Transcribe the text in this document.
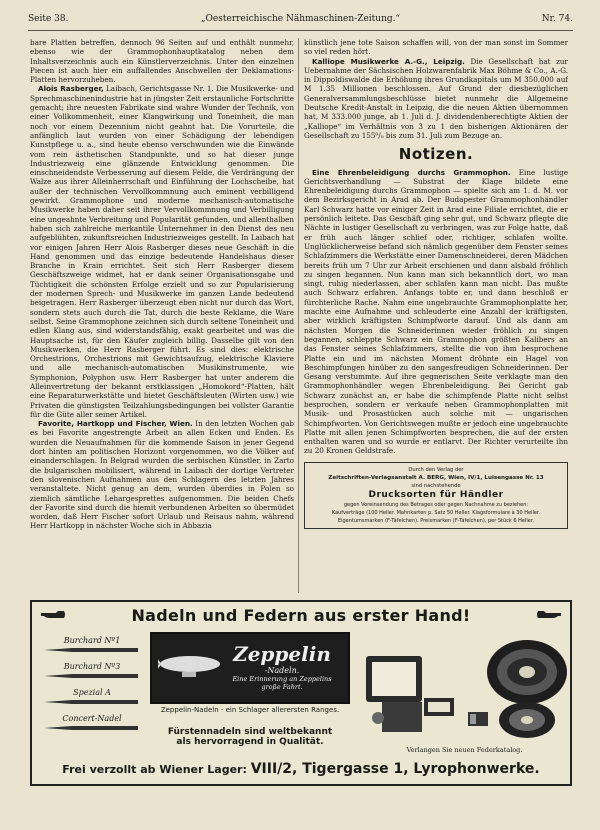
Seite 38.	„Oesterreichische Nähmaschinen-Zeitung.“	Nr. 74.

bare Platten betreffen, dennoch 96 Seiten auf und enthält nunmehr, ebenso wie der Grammophonhauptkatalog neben dem Inhaltsverzeichnis auch ein Künstlerverzeichnis. Unter den einzelnen Piecen ist auch hier ein auffallendes Anschwellen der Deklamations-Platten hervorzuheben.

Alois Rasberger, Laibach, Gerichtsgasse Nr. 1. Die Musikwerke- und Sprechmaschinenindustrie hat in jüngster Zeit erstaunliche Fortschritte gemacht; ihre neuesten Fabrikate sind wahre Wunder der Technik, von einer Vollkommenheit, einer Klangwirkung und Toneinheit, die man noch vor einem Dezennium nicht geahnt hat. Die Vorurteile, die anfänglich laut wurden von einer Schädigung der lebendigen Kunstpflege u. a., sind heute ebenso verschwunden wie die Einwände vom rein ästhetischen Standpunkte, und so hat dieser junge Industriezweig eine glänzende Entwicklung genommen. Die einschneidendste Verbesserung auf diesem Felde, die Verdrängung der Walze aus ihrer Alleinherrschaft und Einführung der Lochscheibe, hat außer der technischen Vervollkommnung auch eminent verbilligend gewirkt. Grammophone und moderne mechanisch-automatische Musikwerke haben daher seit ihrer Vervollkommnung und Verbilligung eine ungeahnte Verbreitung und Popularität gefunden, und allenthalben haben sich zahlreiche merkantile Unternehmer in den Dienst des neu aufgeblühten, zukunftsreichen Industriezweiges gestellt. In Laibach hat vor einigen Jahren Herr Alois Rasberger dieses neue Geschäft in die Hand genommen und das einzige bedeutende Handelshaus dieser Branche in Krain errichtet. Seit sich Herr Rasberger diesem Geschäftszweige widmet, hat er dank seiner Organisationsgabe und Tüchtigkeit die schönsten Erfolge erzielt und so zur Popularisierung der modernen Sprech- und Musikwerke im ganzen Lande bedeutend beigetragen. Herr Rasberger überzeugt eben nicht nur durch das Wort, sondern stets auch durch die Tat, durch die beste Reklame, die Ware selbst. Seine Grammophone zeichnen sich durch seltene Toneinheit und edlen Klang aus, sind widerstandsfähig, exakt gearbeitet und was die Hauptsache ist, für den Käufer zugleich billig. Dasselbe gilt von den Musikwerken, die Herr Rasberger führt. Es sind dies: elektrische Orchestrions, Orchestrions mit Gewichtsaufzug, elektrische Klaviere und alle mechanisch-automatischen Musikinstrumente, wie Symphonion, Polyphon usw. Herr Rasberger hat unter anderem die Alleinvertretung der bekannt erstklassigen „Homokord“-Platten, hält eine Reparaturwerkstätte und bietet Geschäftsleuten (Wirten usw.) wie Privaten die günstigsten Teilzahlungsbedingungen bei vollster Garantie für die Güte aller seiner Artikel.

Favorite, Hartkopp und Fischer, Wien. In den letzten Wochen gab es bei Favorite angestrengte Arbeit an allen Ecken und Enden. Es wurden die Neuaufnahmen für die kommende Saison in jener Gegend dort hinten am politischen Horizont vorgenommen, wo die Völker auf einanderschlagen. In Belgrad wurden die serbischen Künstler, in Zarto die bulgarischen mobilisiert, während in Laibach der dortige Vertreter den slovenischen Aufnahmen aus den Schlagern des letzten Jahres veranstaltete. Nicht genug an dem, wurden überdies in Polen so ziemlich sämtliche Lehargesprettes aufgenommen. Die beiden Chefs der Favorite sind durch die hiemit verbundenen Arbeiten so übermüdet worden, daß Herr Fischer sofort Urlaub und Reisaus nahm, während Herr Hartkopp in nächster Woche sich in Abbazia

künstlich jene tote Saison schaffen will, von der man sonst im Sommer so viel reden hört.

Kalliope Musikwerke A.-G., Leipzig. Die Gesellschaft hat zur Uebernahme der Sächsischen Holzwarenfabrik Max Böhme & Co., A.-G. in Dippoldiswalde die Erhöhung ihres Grundkapitals um M 350.000 auf M 1.35 Millionen beschlossen. Auf Grund der diesbezüglichen Generalversammlungsbeschlüsse bietet nunmehr die Allgemeine Deutsche Kredit-Anstalt in Leipzig, die die neuen Aktien übernommen hat, M 333.000 junge, ab 1. Juli d. J. dividendenberechtigte Aktien der „Kalliope“ im Verhältnis von 3 zu 1 den bisherigen Aktionären der Gesellschaft zu 155⁰/₀ bis zum 31. Juli zum Bezuge an.

Notizen.

Eine Ehrenbeleidigung durchs Grammophon. Eine lustige Gerichtsverhandlung — Substrat der Klage bildete eine Ehrenbeleidigung durchs Grammophon — spielte sich am 1. d. M. vor dem Bezirksgericht in Arad ab. Der Budapester Grammophonhändler Karl Schwarz hatte vor einiger Zeit in Arad eine Filiale errichtet, die er persönlich leitete. Das Geschäft ging sehr gut, und Schwarz pflegte die Nächte in lustiger Gesellschaft zu verbringen, was zur Folge hatte, daß er früh auch länger schlief oder, richtiger, schlafen wollte. Unglücklicherweise befand sich nämlich gegenüber dem Fenster seines Schlafzimmers die Werkstätte einer Damenschneiderei, deren Mädchen bereits früh um 7 Uhr zur Arbeit erschienen und dann alsbald fröhlich zu singen begannen. Nun kann man sich bekanntlich dort, wo man singt, ruhig niederlassen, aber schlafen kann man nicht. Das mußte auch Schwarz erfahren. Anfangs tobte er, und dann beschloß er fürchterliche Rache. Nahm eine ungebrauchte Grammophonplatte her, machte eine Aufnahme und schleuderte eine Anzahl der kräftigsten, aber wirklich kräftigsten Schimpfworte darauf. Und als dann am nächsten Morgen die Schneiderinnen wieder fröhlich zu singen begannen, schleppte Schwarz ein Grammophon größten Kalibers an das Fenster seines Schlafzimmers, stellte die von ihm besprochene Platte ein und im nächsten Moment dröhnte ein Hagel von Beschimpfungen hinüber zu den sangesfreudigen Schneiderinnen. Der Gesang verstummte. Auf ihre gegnerischen Seite verklagte man den Grammophonhändler wegen Ehrenbeleidigung. Bei Gericht gab Schwarz zunächst an, er habe die schimpfende Platte nicht selbst besprochen, sondern er verkaufe neben Grammophonplatten mit Musik- und Prosastücken auch solche mit — ungarischen Schimpfworten. Von Gerichtswegen mußte er jedoch eine ungebrauchte Platte mit allen jenen Schimpfworten besprechen, die auf der ersten enthalten waren und so wurde er entlarvt. Der Richter verurteilte ihn zu 20 Kronen Geldstrafe.

Durch den Verlag der
Zeitschriften-Verlagsanstalt A. BERG, Wien, IV/1, Luisengasse Nr. 13
sind nachstehende
Drucksorten für Händler
gegen Voreinsendung des Betrages oder gegen Nachnahme zu beziehen:
Kaufverträge (100 Heller. Mahnkarten p. Satz 50 Heller. Klagsformulare à 30 Heller.
Eigentumsmarken (F-Täfelchen). Preismarken (F-Täfelchen), per Stück 6 Heller.
Nadeln und Federn aus erster Hand!
Burchard Nº1
Burchard Nº3
Spezial A
Concert-Nadel
Zeppelin
-Nadeln.
Eine Erinnerung an Zeppelins große Fahrt.
Zeppelin-Nadeln - ein Schlager allerersten Ranges.
Fürstennadeln sind weltbekannt
als hervorragend in Qualität.
Verlangen Sie neuen Federkatalog.
Frei verzollt ab Wiener Lager: VIII/2, Tigergasse 1, Lyrophonwerke.
